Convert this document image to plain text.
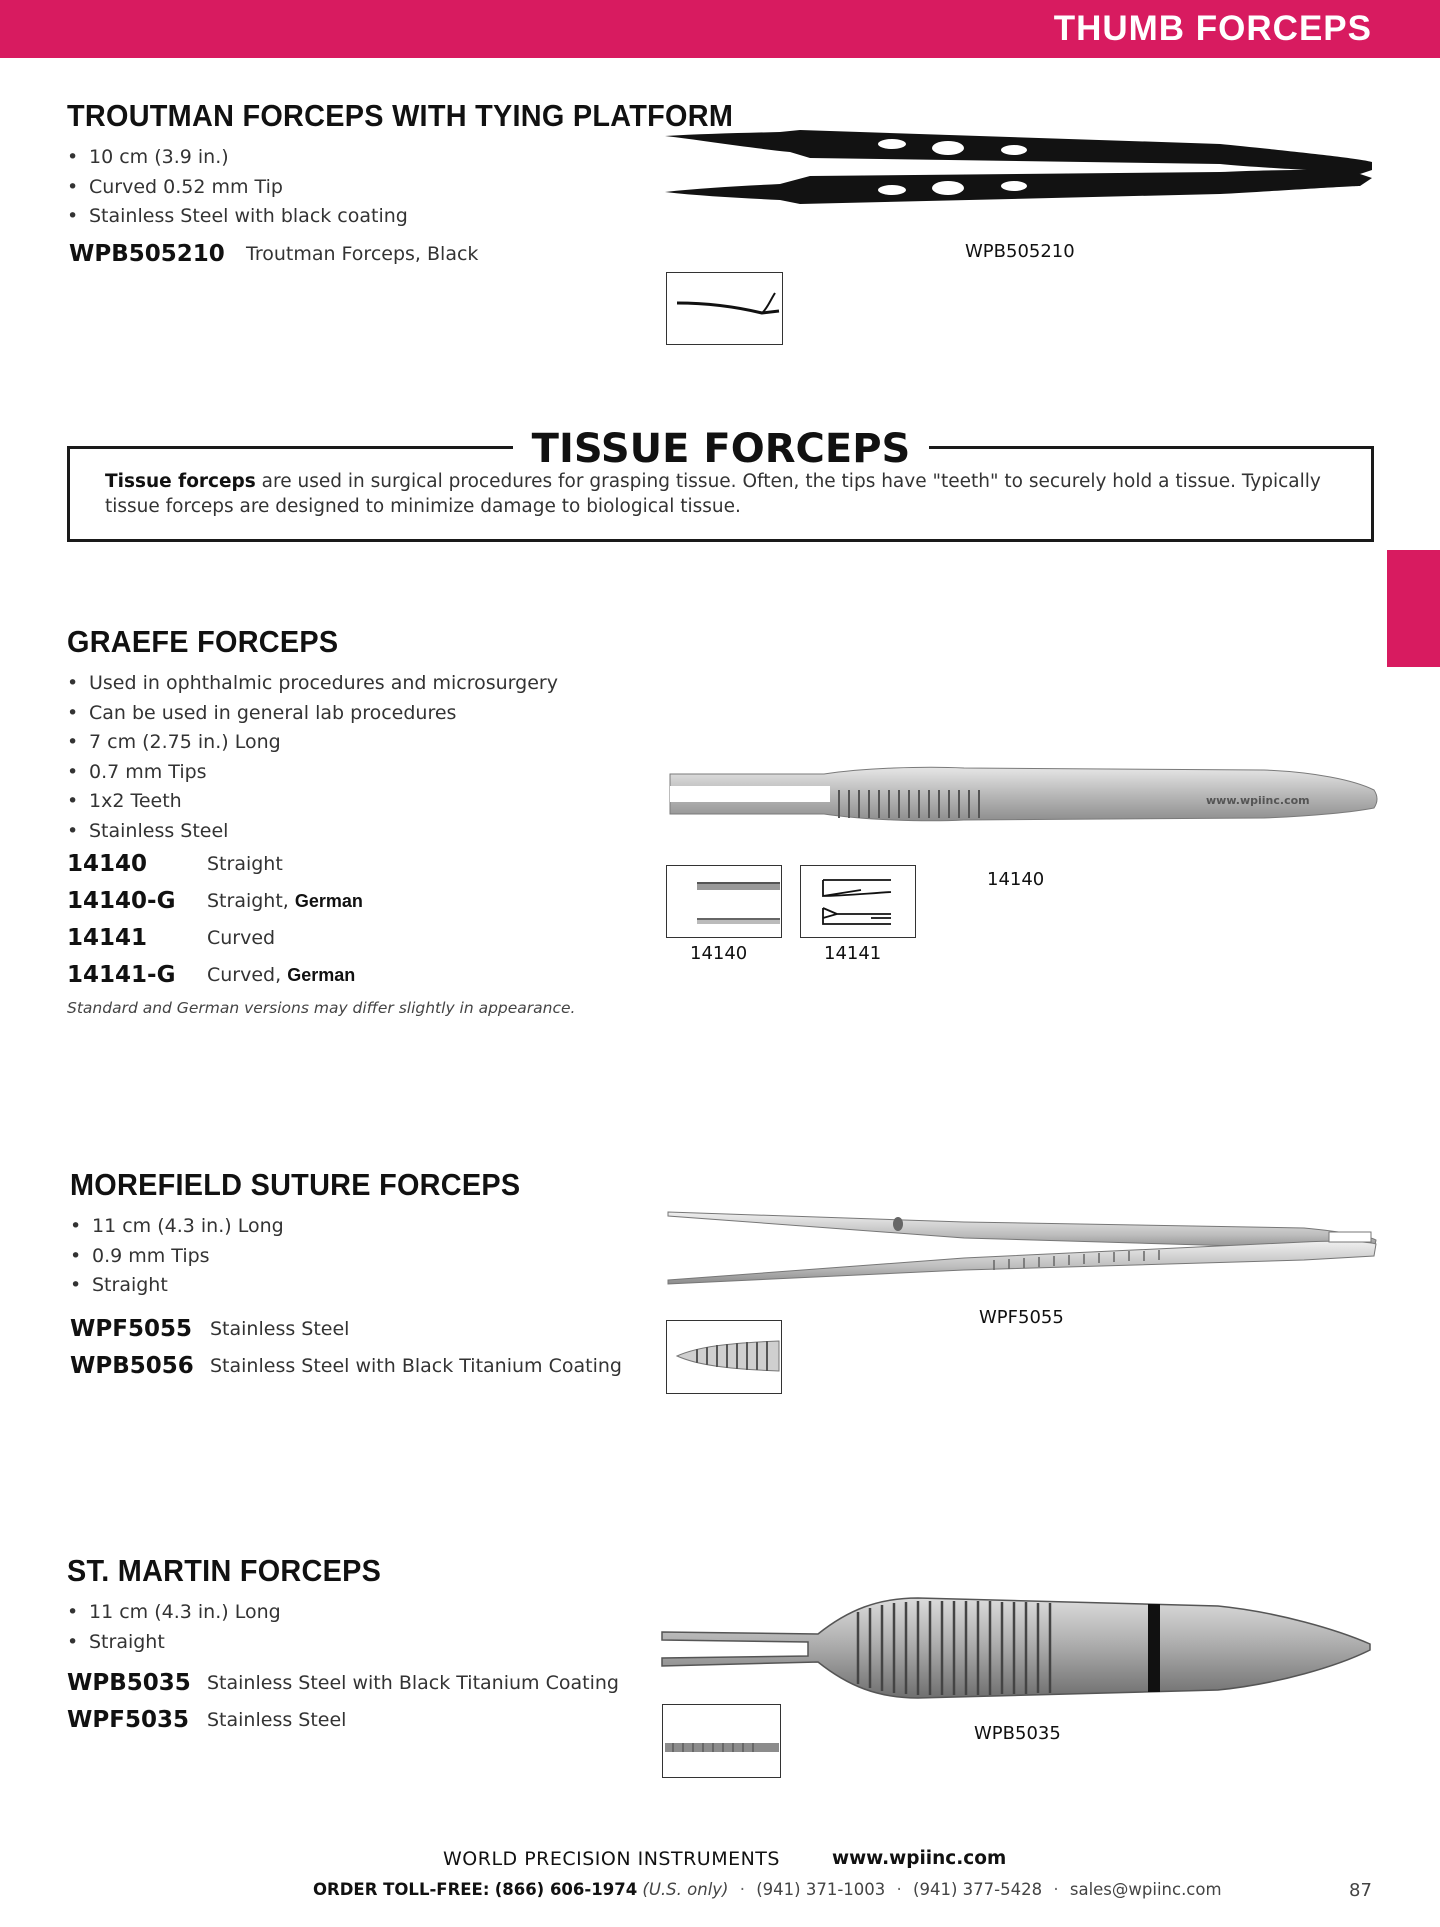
THUMB FORCEPS
TROUTMAN FORCEPS WITH TYING PLATFORM
• 10 cm (3.9 in.)
• Curved 0.52 mm Tip
• Stainless Steel with black coating
WPB505210 Troutman Forceps, Black	WPB505210
TISSUE FORCEPS
Tissue forceps are used in surgical procedures for grasping tissue. Often, the tips have "teeth" to securely hold a tissue. Typically tissue forceps are designed to minimize damage to biological tissue.
GRAEFE FORCEPS
• Used in ophthalmic procedures and microsurgery
• Can be used in general lab procedures
• 7 cm (2.75 in.) Long
• 0.7 mm Tips
• 1x2 Teeth
• Stainless Steel
14140	Straight
14140-G Straight, German
14141	Curved
14141-G Curved, German
Standard and German versions may differ slightly in appearance.
www.wpiinc.com
14140
14140	14141
MOREFIELD SUTURE FORCEPS
• 11 cm (4.3 in.) Long
• 0.9 mm Tips
• Straight
WPF5055 Stainless Steel
WPB5056 Stainless Steel with Black Titanium Coating
WPF5055
ST. MARTIN FORCEPS
• 11 cm (4.3 in.) Long
• Straight
WPB5035 Stainless Steel with Black Titanium Coating
WPF5035 Stainless Steel
WPB5035
WORLD PRECISION INSTRUMENTS	www.wpiinc.com
ORDER TOLL-FREE: (866) 606-1974 (U.S. only) · (941) 371-1003 · (941) 377-5428 · sales@wpiinc.com	87
